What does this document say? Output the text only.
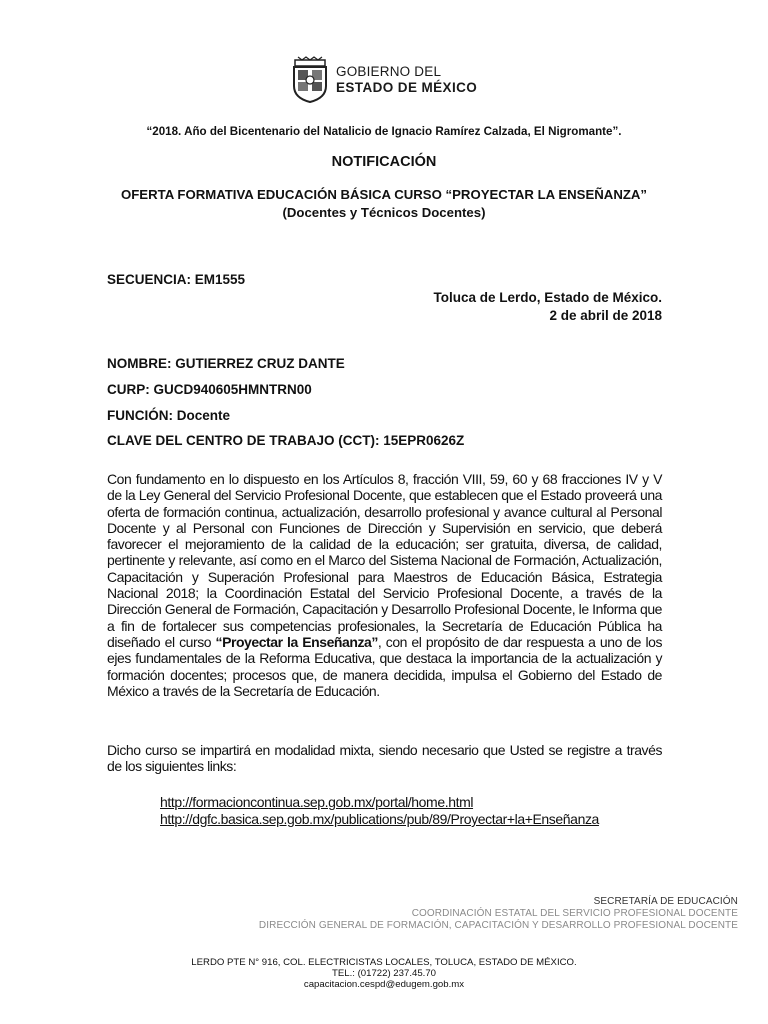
GOBIERNO DEL
ESTADO DE MÉXICO
“2018. Año del Bicentenario del Natalicio de Ignacio Ramírez Calzada, El Nigromante”.
NOTIFICACIÓN
OFERTA FORMATIVA EDUCACIÓN BÁSICA CURSO “PROYECTAR LA ENSEÑANZA”
(Docentes y Técnicos Docentes)
SECUENCIA: EM1555
Toluca de Lerdo, Estado de México.
2 de abril de 2018
NOMBRE: GUTIERREZ CRUZ DANTE
CURP: GUCD940605HMNTRN00
FUNCIÓN: Docente
CLAVE DEL CENTRO DE TRABAJO (CCT): 15EPR0626Z
Con fundamento en lo dispuesto en los Artículos 8, fracción VIII, 59, 60 y 68 fracciones IV y V de la Ley General del Servicio Profesional Docente, que establecen que el Estado proveerá una oferta de formación continua, actualización, desarrollo profesional y avance cultural al Personal Docente y al Personal con Funciones de Dirección y Supervisión en servicio, que deberá favorecer el mejoramiento de la calidad de la educación; ser gratuita, diversa, de calidad, pertinente y relevante, así como en el Marco del Sistema Nacional de Formación, Actualización, Capacitación y Superación Profesional para Maestros de Educación Básica, Estrategia Nacional 2018; la Coordinación Estatal del Servicio Profesional Docente, a través de la Dirección General de Formación, Capacitación y Desarrollo Profesional Docente, le Informa que a fin de fortalecer sus competencias profesionales, la Secretaría de Educación Pública ha diseñado el curso “Proyectar la Enseñanza”, con el propósito de dar respuesta a uno de los ejes fundamentales de la Reforma Educativa, que destaca la importancia de la actualización y formación docentes; procesos que, de manera decidida, impulsa el Gobierno del Estado de México a través de la Secretaría de Educación.
Dicho curso se impartirá en modalidad mixta, siendo necesario que Usted se registre a través de los siguientes links:
http://formacioncontinua.sep.gob.mx/portal/home.html
http://dgfc.basica.sep.gob.mx/publications/pub/89/Proyectar+la+Enseñanza
SECRETARÍA DE EDUCACIÓN
COORDINACIÓN ESTATAL DEL SERVICIO PROFESIONAL DOCENTE
DIRECCIÓN GENERAL DE FORMACIÓN, CAPACITACIÓN Y DESARROLLO PROFESIONAL DOCENTE
LERDO PTE N° 916, COL. ELECTRICISTAS LOCALES, TOLUCA, ESTADO DE MÉXICO.
TEL.: (01722) 237.45.70
capacitacion.cespd@edugem.gob.mx
